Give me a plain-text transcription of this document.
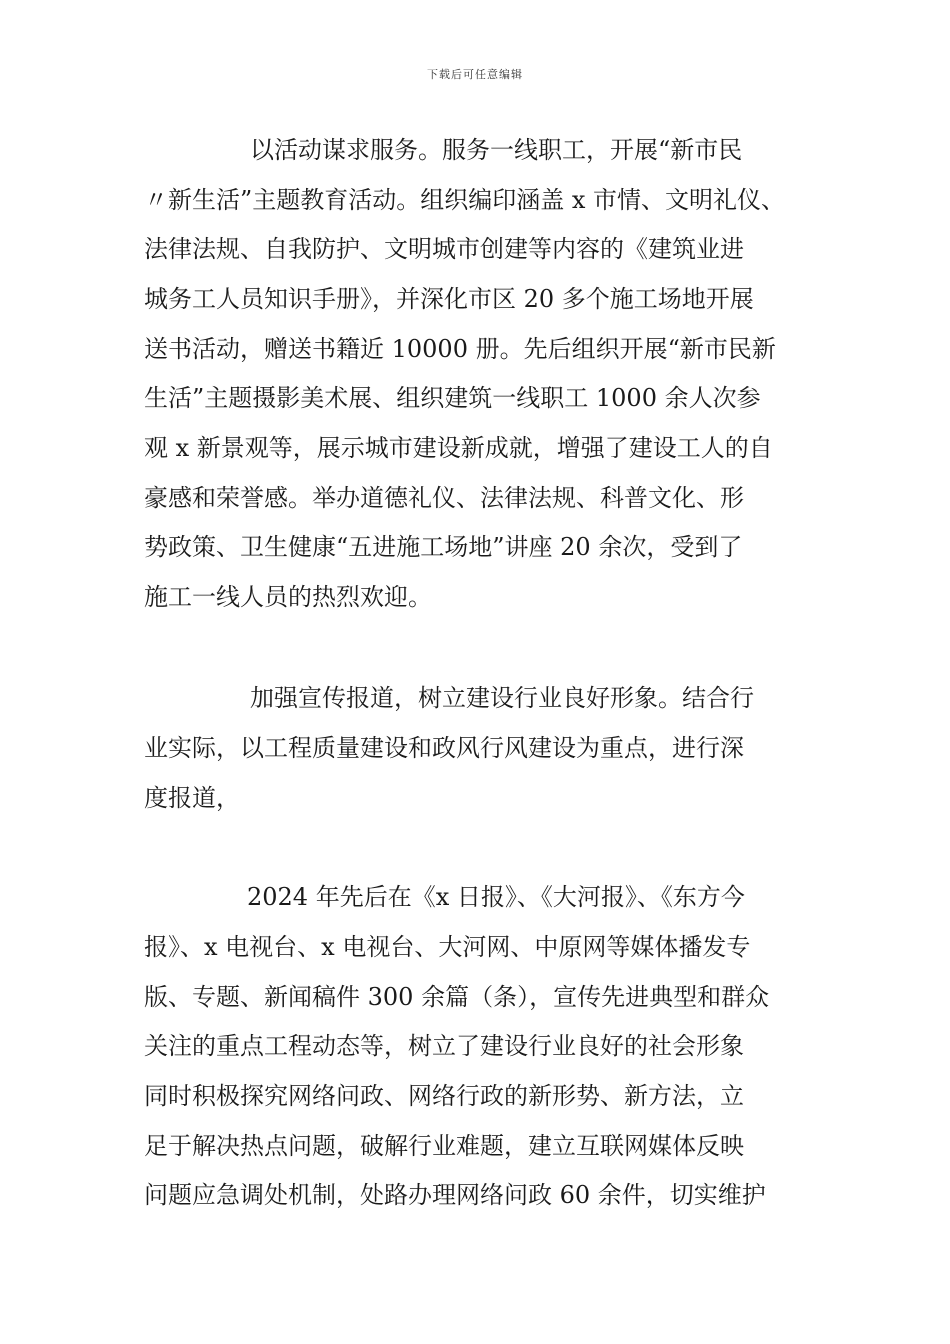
下载后可任意编辑
以活动谋求服务。服务一线职工，开展“新市民
〃新生活”主题教育活动。组织编印涵盖 x 市情、文明礼仪、
法律法规、自我防护、文明城市创建等内容的《建筑业进
城务工人员知识手册》，并深化市区 20 多个施工场地开展
送书活动，赠送书籍近 10000 册。先后组织开展“新市民新
生活”主题摄影美术展、组织建筑一线职工 1000 余人次参
观 x 新景观等，展示城市建设新成就，增强了建设工人的自
豪感和荣誉感。举办道德礼仪、法律法规、科普文化、形
势政策、卫生健康“五进施工场地”讲座 20 余次，受到了
施工一线人员的热烈欢迎。
加强宣传报道，树立建设行业良好形象。结合行
业实际，以工程质量建设和政风行风建设为重点，进行深
度报道，
2024 年先后在《x 日报》、《大河报》、《东方今
报》、x 电视台、x 电视台、大河网、中原网等媒体播发专
版、专题、新闻稿件 300 余篇（条），宣传先进典型和群众
关注的重点工程动态等，树立了建设行业良好的社会形象
同时积极探究网络问政、网络行政的新形势、新方法，立
足于解决热点问题，破解行业难题，建立互联网媒体反映
问题应急调处机制，处路办理网络问政 60 余件，切实维护
